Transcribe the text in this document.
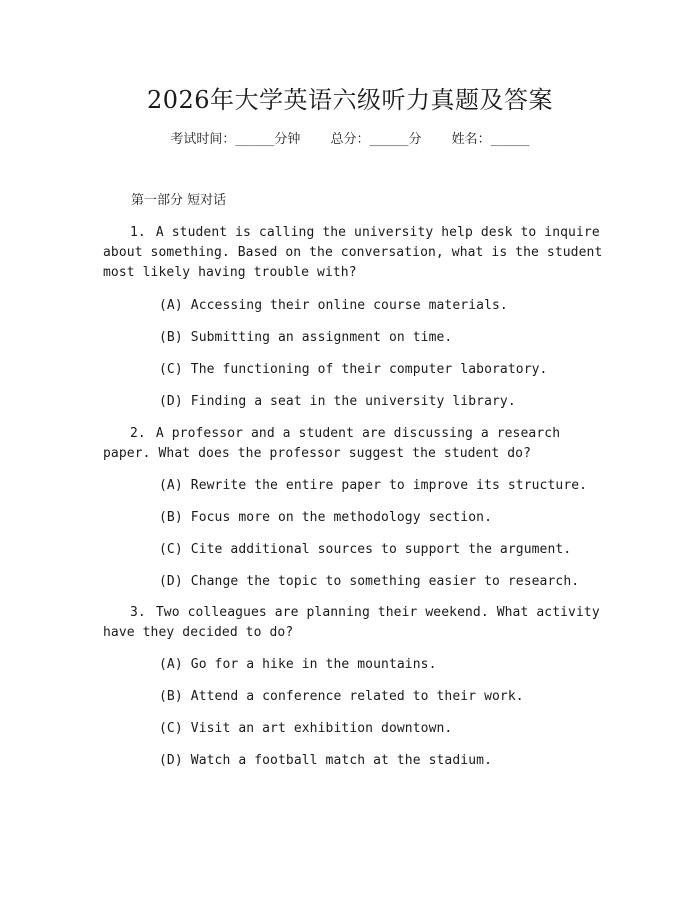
2026年大学英语六级听力真题及答案
考试时间：______分钟 总分：______分 姓名：______
第一部分 短对话
1. A student is calling the university help desk to inquire about something. Based on the conversation, what is the student most likely having trouble with?
(A) Accessing their online course materials.
(B) Submitting an assignment on time.
(C) The functioning of their computer laboratory.
(D) Finding a seat in the university library.
2. A professor and a student are discussing a research paper. What does the professor suggest the student do?
(A) Rewrite the entire paper to improve its structure.
(B) Focus more on the methodology section.
(C) Cite additional sources to support the argument.
(D) Change the topic to something easier to research.
3. Two colleagues are planning their weekend. What activity have they decided to do?
(A) Go for a hike in the mountains.
(B) Attend a conference related to their work.
(C) Visit an art exhibition downtown.
(D) Watch a football match at the stadium.
